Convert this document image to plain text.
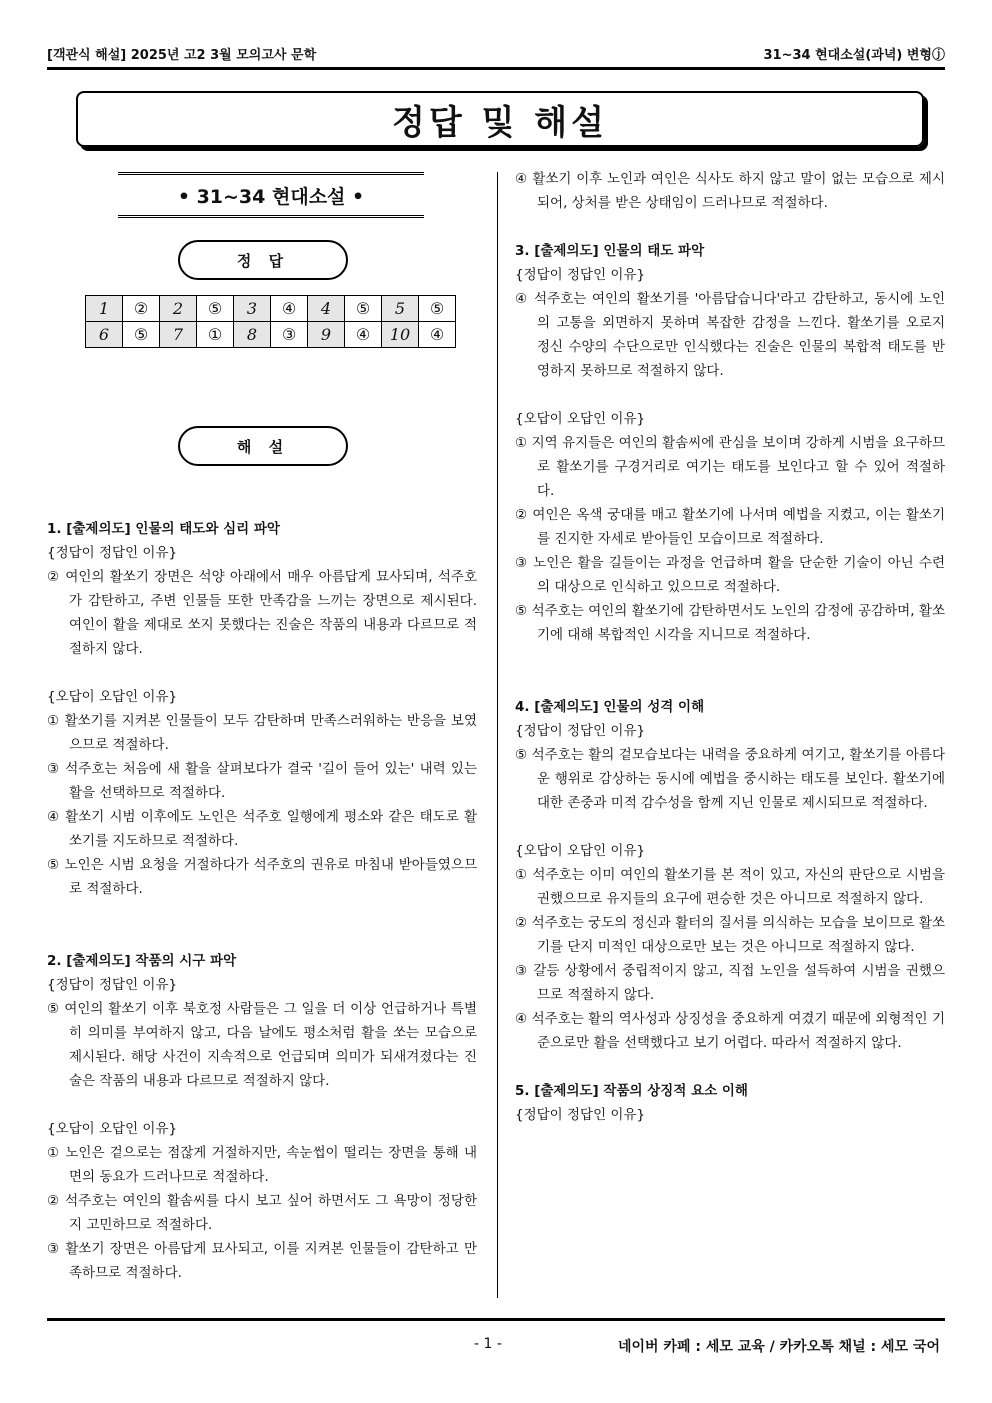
[객관식 해설] 2025년 고2 3월 모의고사 문학	31~34 현대소설(과녁) 변형ⓙ
정답 및 해설
• 31~34 현대소설 •
정 답
1	②	2	⑤	3	④	4	⑤	5	⑤
6	⑤	7	①	8	③	9	④	10	④
해 설

1. [출제의도] 인물의 태도와 심리 파악

{정답이 정답인 이유}

② 여인의 활쏘기 장면은 석양 아래에서 매우 아름답게 묘사되며, 석주호가 감탄하고, 주변 인물들 또한 만족감을 느끼는 장면으로 제시된다. 여인이 활을 제대로 쏘지 못했다는 진술은 작품의 내용과 다르므로 적절하지 않다.

{오답이 오답인 이유}

① 활쏘기를 지켜본 인물들이 모두 감탄하며 만족스러워하는 반응을 보였으므로 적절하다.

③ 석주호는 처음에 새 활을 살펴보다가 결국 '길이 들어 있는' 내력 있는 활을 선택하므로 적절하다.

④ 활쏘기 시범 이후에도 노인은 석주호 일행에게 평소와 같은 태도로 활쏘기를 지도하므로 적절하다.

⑤ 노인은 시범 요청을 거절하다가 석주호의 권유로 마침내 받아들였으므로 적절하다.

2. [출제의도] 작품의 시구 파악

{정답이 정답인 이유}

⑤ 여인의 활쏘기 이후 북호정 사람들은 그 일을 더 이상 언급하거나 특별히 의미를 부여하지 않고, 다음 날에도 평소처럼 활을 쏘는 모습으로 제시된다. 해당 사건이 지속적으로 언급되며 의미가 되새겨졌다는 진술은 작품의 내용과 다르므로 적절하지 않다.

{오답이 오답인 이유}

① 노인은 겉으로는 점잖게 거절하지만, 속눈썹이 떨리는 장면을 통해 내면의 동요가 드러나므로 적절하다.

② 석주호는 여인의 활솜씨를 다시 보고 싶어 하면서도 그 욕망이 정당한지 고민하므로 적절하다.

③ 활쏘기 장면은 아름답게 묘사되고, 이를 지켜본 인물들이 감탄하고 만족하므로 적절하다.

④ 활쏘기 이후 노인과 여인은 식사도 하지 않고 말이 없는 모습으로 제시되어, 상처를 받은 상태임이 드러나므로 적절하다.

3. [출제의도] 인물의 태도 파악

{정답이 정답인 이유}

④ 석주호는 여인의 활쏘기를 '아름답습니다'라고 감탄하고, 동시에 노인의 고통을 외면하지 못하며 복잡한 감정을 느낀다. 활쏘기를 오로지 정신 수양의 수단으로만 인식했다는 진술은 인물의 복합적 태도를 반영하지 못하므로 적절하지 않다.

{오답이 오답인 이유}

① 지역 유지들은 여인의 활솜씨에 관심을 보이며 강하게 시범을 요구하므로 활쏘기를 구경거리로 여기는 태도를 보인다고 할 수 있어 적절하다.

② 여인은 옥색 궁대를 매고 활쏘기에 나서며 예법을 지켰고, 이는 활쏘기를 진지한 자세로 받아들인 모습이므로 적절하다.

③ 노인은 활을 길들이는 과정을 언급하며 활을 단순한 기술이 아닌 수련의 대상으로 인식하고 있으므로 적절하다.

⑤ 석주호는 여인의 활쏘기에 감탄하면서도 노인의 감정에 공감하며, 활쏘기에 대해 복합적인 시각을 지니므로 적절하다.

4. [출제의도] 인물의 성격 이해

{정답이 정답인 이유}

⑤ 석주호는 활의 겉모습보다는 내력을 중요하게 여기고, 활쏘기를 아름다운 행위로 감상하는 동시에 예법을 중시하는 태도를 보인다. 활쏘기에 대한 존중과 미적 감수성을 함께 지닌 인물로 제시되므로 적절하다.

{오답이 오답인 이유}

① 석주호는 이미 여인의 활쏘기를 본 적이 있고, 자신의 판단으로 시범을 권했으므로 유지들의 요구에 편승한 것은 아니므로 적절하지 않다.

② 석주호는 궁도의 정신과 활터의 질서를 의식하는 모습을 보이므로 활쏘기를 단지 미적인 대상으로만 보는 것은 아니므로 적절하지 않다.

③ 갈등 상황에서 중립적이지 않고, 직접 노인을 설득하여 시범을 권했으므로 적절하지 않다.

④ 석주호는 활의 역사성과 상징성을 중요하게 여겼기 때문에 외형적인 기준으로만 활을 선택했다고 보기 어렵다. 따라서 적절하지 않다.

5. [출제의도] 작품의 상징적 요소 이해

{정답이 정답인 이유}

- 1 -	네이버 카페 : 세모 교육 / 카카오톡 채널 : 세모 국어
